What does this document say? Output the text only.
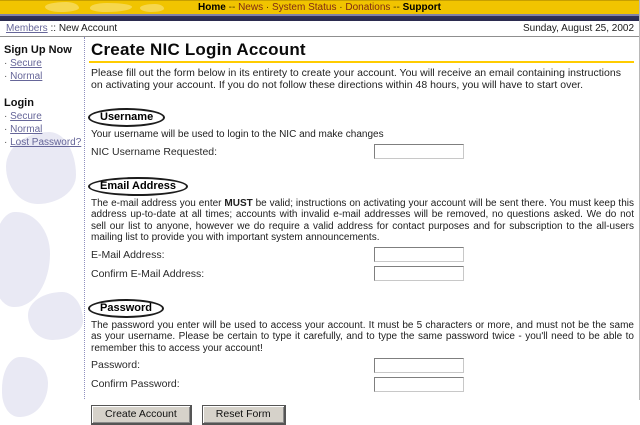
Home -- News · System Status · Donations -- Support
Members :: New Account	Sunday, August 25, 2002
Sign Up Now
· Secure
· Normal
Login
· Secure
· Normal
· Lost Password?
Create NIC Login Account
Please fill out the form below in its entirety to create your account. You will receive an email containing instructions on activating your account. If you do not follow these directions within 48 hours, you will have to start over.
Username
Your username will be used to login to the NIC and make changes
NIC Username Requested:
Email Address
The e-mail address you enter MUST be valid; instructions on activating your account will be sent there. You must keep this address up-to-date at all times; accounts with invalid e-mail addresses will be removed, no questions asked. We do not sell our list to anyone, however we do require a valid address for contact purposes and for subscription to the all-users mailing list to provide you with important system announcements.
E-Mail Address:
Confirm E-Mail Address:
Password
The password you enter will be used to access your account. It must be 5 characters or more, and must not be the same as your username. Please be certain to type it carefully, and to type the same password twice - you'll need to be able to remember this to access your account!
Password:
Confirm Password:
Create Account	Reset Form
